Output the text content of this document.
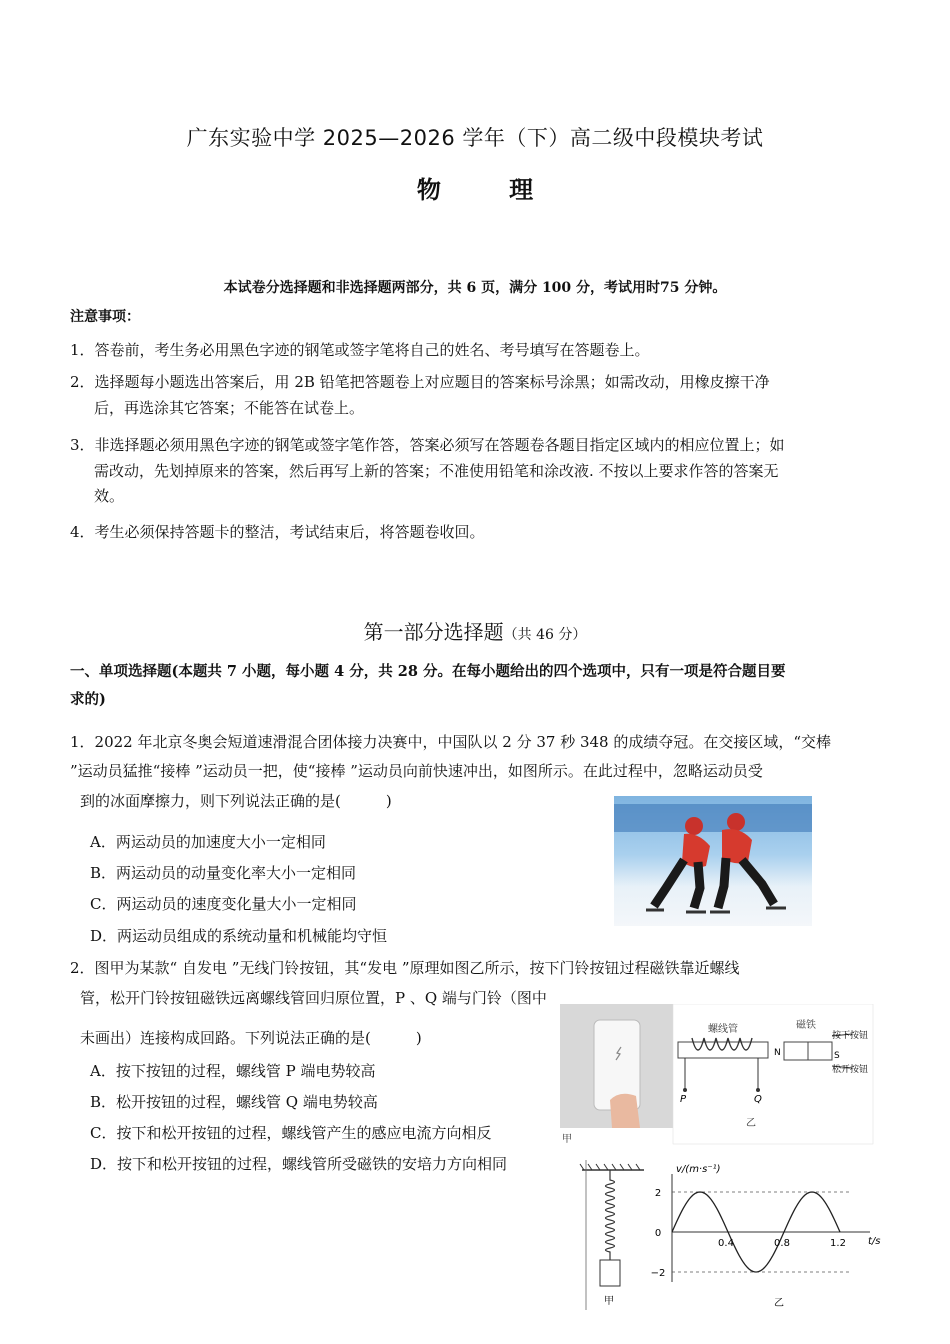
广东实验中学 2025—2026 学年（下）高二级中段模块考试
物 理
本试卷分选择题和非选择题两部分，共 6 页，满分 100 分，考试用时75 分钟。
注意事项：
1．答卷前，考生务必用黑色字迹的钢笔或签字笔将自己的姓名、考号填写在答题卷上。
2．选择题每小题选出答案后，用 2B 铅笔把答题卷上对应题目的答案标号涂黑；如需改动，用橡皮擦干净
后，再选涂其它答案；不能答在试卷上。
3．非选择题必须用黑色字迹的钢笔或签字笔作答，答案必须写在答题卷各题目指定区域内的相应位置上；如
需改动，先划掉原来的答案，然后再写上新的答案；不准使用铅笔和涂改液. 不按以上要求作答的答案无
效。
4．考生必须保持答题卡的整洁，考试结束后，将答题卷收回。
第一部分选择题（共 46 分）
一、单项选择题(本题共 7 小题，每小题 4 分，共 28 分。在每小题给出的四个选项中，只有一项是符合题目要
求的)
1．2022 年北京冬奥会短道速滑混合团体接力决赛中，中国队以 2 分 37 秒 348 的成绩夺冠。在交接区域，“交棒
”运动员猛推“接棒 ”运动员一把，使“接棒 ”运动员向前快速冲出，如图所示。在此过程中，忽略运动员受
到的冰面摩擦力，则下列说法正确的是(　　　)
A．两运动员的加速度大小一定相同
B．两运动员的动量变化率大小一定相同
C．两运动员的速度变化量大小一定相同
D．两运动员组成的系统动量和机械能均守恒
2．图甲为某款“ 自发电 ”无线门铃按钮，其“发电 ”原理如图乙所示，按下门铃按钮过程磁铁靠近螺线
管，松开门铃按钮磁铁远离螺线管回归原位置，P 、Q 端与门铃（图中
未画出）连接构成回路。下列说法正确的是(　　　)
A．按下按钮的过程，螺线管 P 端电势较高
B．松开按钮的过程，螺线管 Q 端电势较高
C．按下和松开按钮的过程，螺线管产生的感应电流方向相反
D．按下和松开按钮的过程，螺线管所受磁铁的安培力方向相同
甲
螺线管
P	Q
乙
磁铁
N	S
按下按钮
松开按钮
甲
2
0
−2
0.4	0.8	1.2
v/(m·s⁻¹)
t/s
乙
